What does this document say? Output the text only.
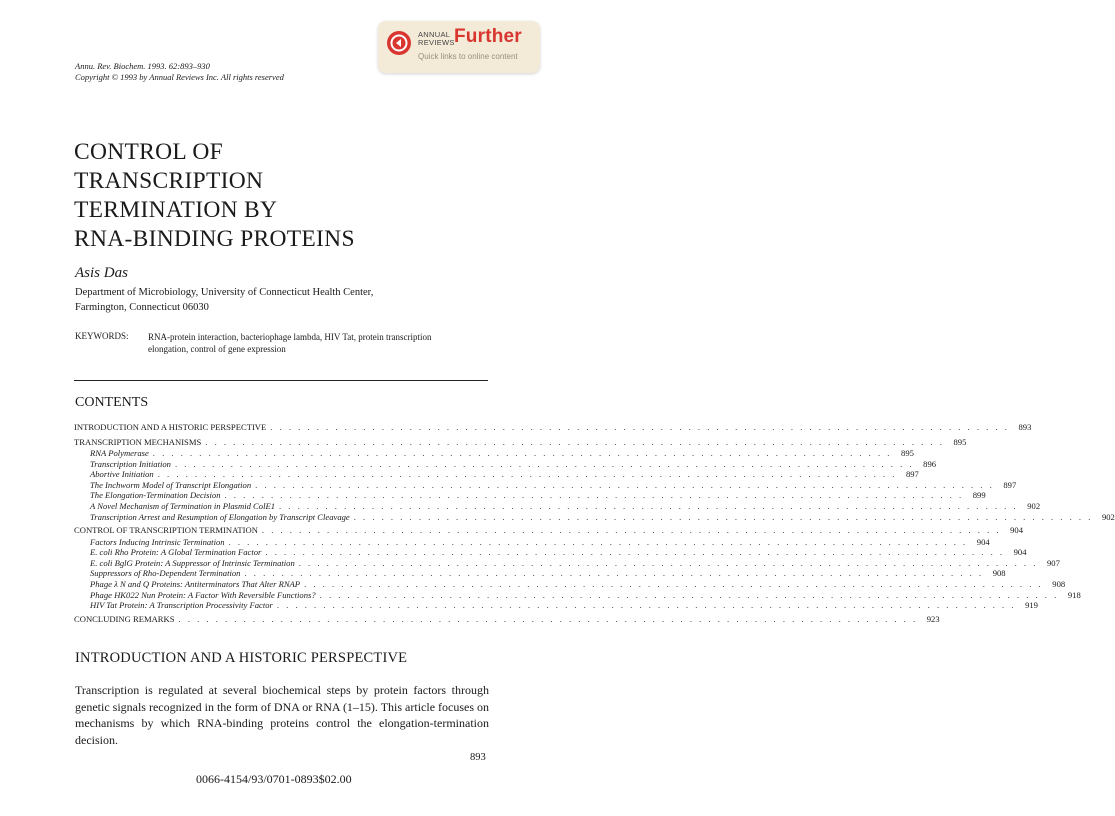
ANNUAL
REVIEWS Further
Quick links to online content
Annu. Rev. Biochem. 1993. 62:893–930
Copyright © 1993 by Annual Reviews Inc. All rights reserved
CONTROL OF
TRANSCRIPTION
TERMINATION BY
RNA-BINDING PROTEINS
Asis Das
Department of Microbiology, University of Connecticut Health Center,
Farmington, Connecticut 06030
KEYWORDS: RNA-protein interaction, bacteriophage lambda, HIV Tat, protein transcription elongation, control of gene expression
CONTENTS
INTRODUCTION AND A HISTORIC PERSPECTIVE . . . . . . . . . . . . . . . . . . . . . . . . . . . . . . . . . . . . . . . . . . . . . . . . . . . . . . . . . . . . . . . . . . . . . . . . . . . . . . . .	893
TRANSCRIPTION MECHANISMS . . . . . . . . . . . . . . . . . . . . . . . . . . . . . . . . . . . . . . . . . . . . . . . . . . . . . . . . . . . . . . . . . . . . . . . . . . . . . . . .	895
RNA Polymerase . . . . . . . . . . . . . . . . . . . . . . . . . . . . . . . . . . . . . . . . . . . . . . . . . . . . . . . . . . . . . . . . . . . . . . . . . . . . . . . .	895
Transcription Initiation . . . . . . . . . . . . . . . . . . . . . . . . . . . . . . . . . . . . . . . . . . . . . . . . . . . . . . . . . . . . . . . . . . . . . . . . . . . . . . . .	896
Abortive Initiation . . . . . . . . . . . . . . . . . . . . . . . . . . . . . . . . . . . . . . . . . . . . . . . . . . . . . . . . . . . . . . . . . . . . . . . . . . . . . . . .	897
The Inchworm Model of Transcript Elongation . . . . . . . . . . . . . . . . . . . . . . . . . . . . . . . . . . . . . . . . . . . . . . . . . . . . . . . . . . . . . . . . . . . . . . . . . . . . . . . .	897
The Elongation-Termination Decision . . . . . . . . . . . . . . . . . . . . . . . . . . . . . . . . . . . . . . . . . . . . . . . . . . . . . . . . . . . . . . . . . . . . . . . . . . . . . . . .	899
A Novel Mechanism of Termination in Plasmid ColE1 . . . . . . . . . . . . . . . . . . . . . . . . . . . . . . . . . . . . . . . . . . . . . . . . . . . . . . . . . . . . . . . . . . . . . . . . . . . . . . . .	902
Transcription Arrest and Resumption of Elongation by Transcript Cleavage . . . . . . . . . . . . . . . . . . . . . . . . . . . . . . . . . . . . . . . . . . . . . . . . . . . . . . . . . . . . . . . . . . . . . . . . . . . . . . . .	902
CONTROL OF TRANSCRIPTION TERMINATION . . . . . . . . . . . . . . . . . . . . . . . . . . . . . . . . . . . . . . . . . . . . . . . . . . . . . . . . . . . . . . . . . . . . . . . . . . . . . . . .	904
Factors Inducing Intrinsic Termination . . . . . . . . . . . . . . . . . . . . . . . . . . . . . . . . . . . . . . . . . . . . . . . . . . . . . . . . . . . . . . . . . . . . . . . . . . . . . . . .	904
E. coli Rho Protein: A Global Termination Factor . . . . . . . . . . . . . . . . . . . . . . . . . . . . . . . . . . . . . . . . . . . . . . . . . . . . . . . . . . . . . . . . . . . . . . . . . . . . . . . .	904
E. coli BglG Protein: A Suppressor of Intrinsic Termination . . . . . . . . . . . . . . . . . . . . . . . . . . . . . . . . . . . . . . . . . . . . . . . . . . . . . . . . . . . . . . . . . . . . . . . . . . . . . . . .	907
Suppressors of Rho-Dependent Termination . . . . . . . . . . . . . . . . . . . . . . . . . . . . . . . . . . . . . . . . . . . . . . . . . . . . . . . . . . . . . . . . . . . . . . . . . . . . . . . .	908
Phage λ N and Q Proteins: Antiterminators That Alter RNAP . . . . . . . . . . . . . . . . . . . . . . . . . . . . . . . . . . . . . . . . . . . . . . . . . . . . . . . . . . . . . . . . . . . . . . . . . . . . . . . .	908
Phage HK022 Nun Protein: A Factor With Reversible Functions? . . . . . . . . . . . . . . . . . . . . . . . . . . . . . . . . . . . . . . . . . . . . . . . . . . . . . . . . . . . . . . . . . . . . . . . . . . . . . . . .	918
HIV Tat Protein: A Transcription Processivity Factor . . . . . . . . . . . . . . . . . . . . . . . . . . . . . . . . . . . . . . . . . . . . . . . . . . . . . . . . . . . . . . . . . . . . . . . . . . . . . . . .	919
CONCLUDING REMARKS . . . . . . . . . . . . . . . . . . . . . . . . . . . . . . . . . . . . . . . . . . . . . . . . . . . . . . . . . . . . . . . . . . . . . . . . . . . . . . . .	923
INTRODUCTION AND A HISTORIC PERSPECTIVE
Transcription is regulated at several biochemical steps by protein factors through genetic signals recognized in the form of DNA or RNA (1–15). This article focuses on mechanisms by which RNA-binding proteins control the elongation-termination decision.
893
0066-4154/93/0701-0893$02.00
